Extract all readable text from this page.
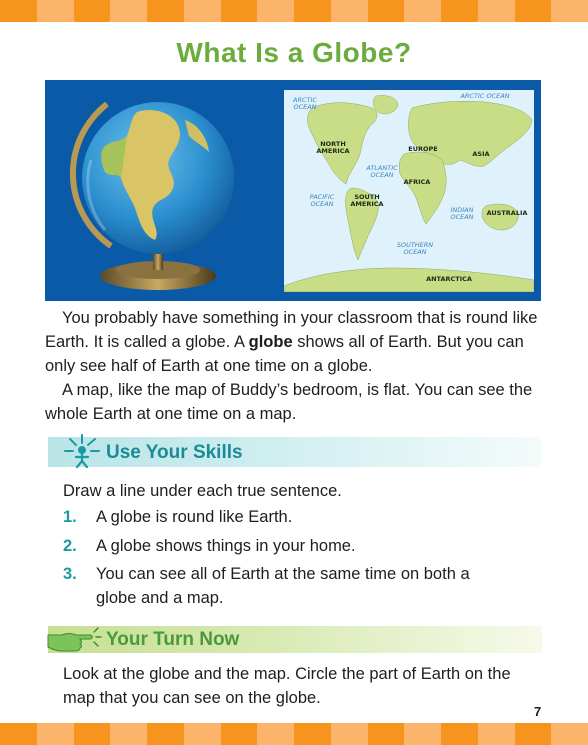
What Is a Globe?
ARCTIC OCEAN
ARCTIC OCEAN
NORTH AMERICA
ATLANTIC OCEAN
PACIFIC OCEAN
SOUTH AMERICA
EUROPE
ASIA
AFRICA
INDIAN OCEAN	AUSTRALIA
SOUTHERN OCEAN
ANTARCTICA

You probably have something in your classroom that is round like Earth. It is called a globe. A globe shows all of Earth. But you can only see half of Earth at one time on a globe.

A map, like the map of Buddy’s bedroom, is flat. You can see the whole Earth at one time on a map.

Use Your Skills

Draw a line under each true sentence.

1. A globe is round like Earth.
2. A globe shows things in your home.
3. You can see all of Earth at the same time on both a globe and a map.
Your Turn Now

Look at the globe and the map. Circle the part of Earth on the map that you can see on the globe.

7
